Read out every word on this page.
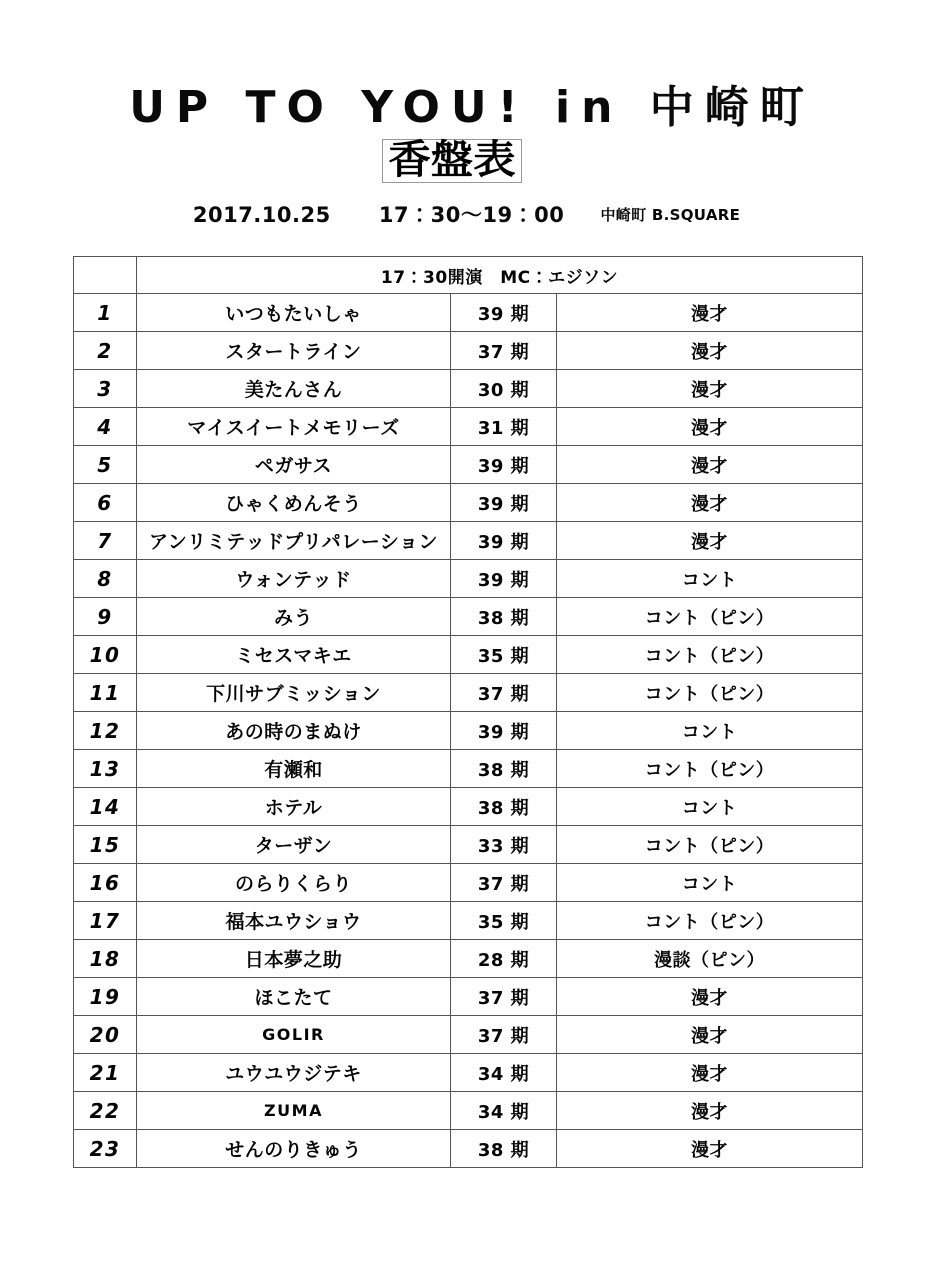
UP TO YOU! in 中崎町
香盤表
2017.10.25 17：30〜19：00 中崎町 B.SQUARE
	17：30開演　MC：エジソン		
1	いつもたいしゃ	39 期	漫才
2	スタートライン	37 期	漫才
3	美たんさん	30 期	漫才
4	マイスイートメモリーズ	31 期	漫才
5	ペガサス	39 期	漫才
6	ひゃくめんそう	39 期	漫才
7	アンリミテッドプリパレーション	39 期	漫才
8	ウォンテッド	39 期	コント
9	みう	38 期	コント（ピン）
10	ミセスマキエ	35 期	コント（ピン）
11	下川サブミッション	37 期	コント（ピン）
12	あの時のまぬけ	39 期	コント
13	有瀬和	38 期	コント（ピン）
14	ホテル	38 期	コント
15	ターザン	33 期	コント（ピン）
16	のらりくらり	37 期	コント
17	福本ユウショウ	35 期	コント（ピン）
18	日本夢之助	28 期	漫談（ピン）
19	ほこたて	37 期	漫才
20	GOLIR	37 期	漫才
21	ユウユウジテキ	34 期	漫才
22	ZUMA	34 期	漫才
23	せんのりきゅう	38 期	漫才
